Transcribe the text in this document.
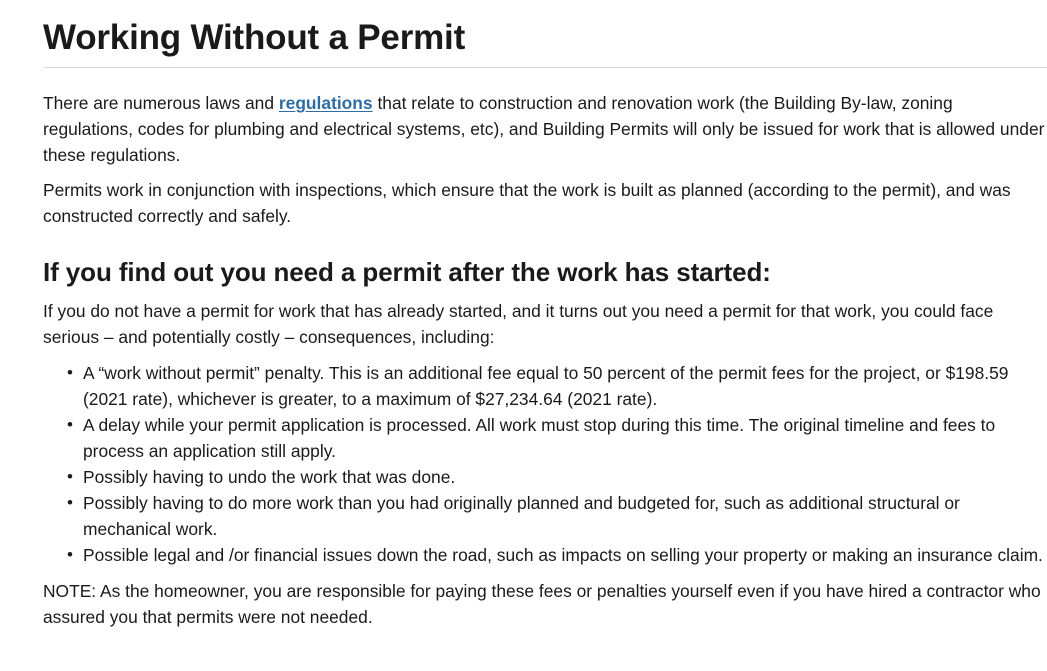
Working Without a Permit

There are numerous laws and regulations that relate to construction and renovation work (the Building By-law, zoning regulations, codes for plumbing and electrical systems, etc), and Building Permits will only be issued for work that is allowed under these regulations.

Permits work in conjunction with inspections, which ensure that the work is built as planned (according to the permit), and was constructed correctly and safely.

If you find out you need a permit after the work has started:

If you do not have a permit for work that has already started, and it turns out you need a permit for that work, you could face serious – and potentially costly – consequences, including:

• A “work without permit” penalty. This is an additional fee equal to 50 percent of the permit fees for the project, or $198.59 (2021 rate), whichever is greater, to a maximum of $27,234.64 (2021 rate).
• A delay while your permit application is processed. All work must stop during this time. The original timeline and fees to process an application still apply.
• Possibly having to undo the work that was done.
• Possibly having to do more work than you had originally planned and budgeted for, such as additional structural or mechanical work.
• Possible legal and /or financial issues down the road, such as impacts on selling your property or making an insurance claim.

NOTE: As the homeowner, you are responsible for paying these fees or penalties yourself even if you have hired a contractor who assured you that permits were not needed.
